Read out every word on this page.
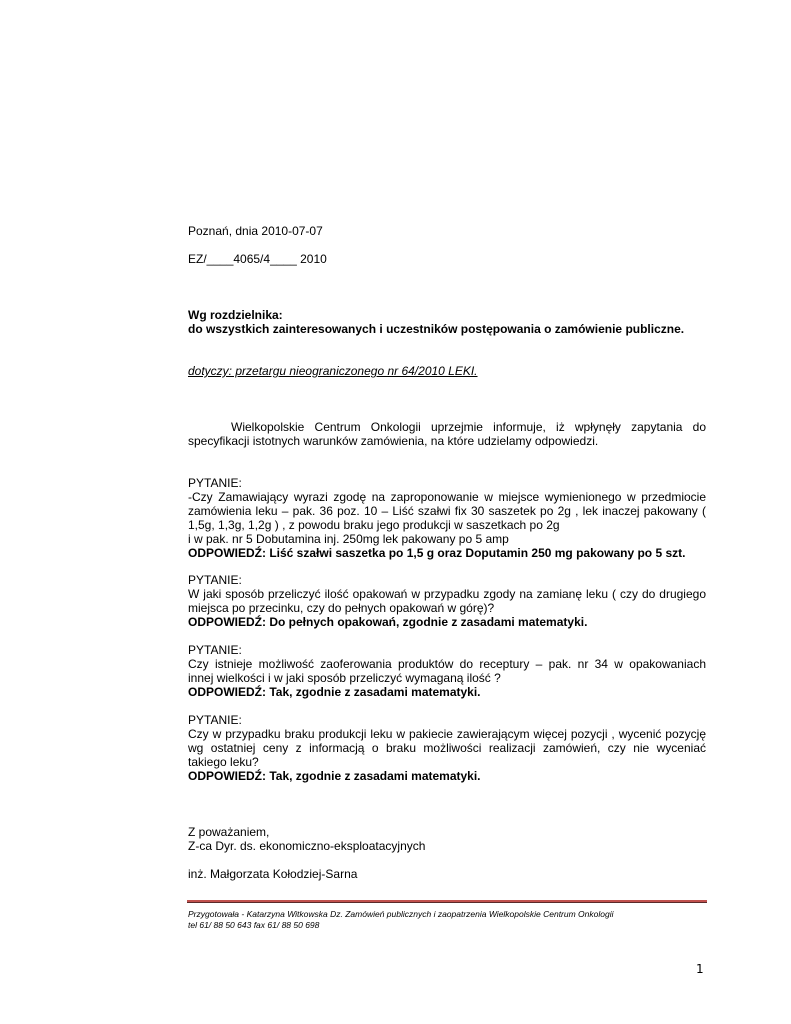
Poznań, dnia 2010-07-07
EZ/____4065/4____ 2010
Wg rozdzielnika:
do wszystkich zainteresowanych i uczestników postępowania o zamówienie publiczne.
dotyczy: przetargu nieograniczonego nr 64/2010 LEKI.
Wielkopolskie Centrum Onkologii uprzejmie informuje, iż wpłynęły zapytania do
specyfikacji istotnych warunków zamówienia, na które udzielamy odpowiedzi.
PYTANIE:
-Czy Zamawiający wyrazi zgodę na zaproponowanie w miejsce wymienionego w przedmiocie
zamówienia leku – pak. 36 poz. 10 – Liść szałwi fix 30 saszetek po 2g , lek inaczej pakowany (
1,5g, 1,3g, 1,2g ) , z powodu braku jego produkcji w saszetkach po 2g
i w pak. nr 5 Dobutamina inj. 250mg lek pakowany po 5 amp
ODPOWIEDŹ: Liść szałwi saszetka po 1,5 g oraz Doputamin 250 mg pakowany po 5 szt.
PYTANIE:
W jaki sposób przeliczyć ilość opakowań w przypadku zgody na zamianę leku ( czy do drugiego
miejsca po przecinku, czy do pełnych opakowań w górę)?
ODPOWIEDŹ: Do pełnych opakowań, zgodnie z zasadami matematyki.
PYTANIE:
Czy istnieje możliwość zaoferowania produktów do receptury – pak. nr 34 w opakowaniach
innej wielkości i w jaki sposób przeliczyć wymaganą ilość ?
ODPOWIEDŹ: Tak, zgodnie z zasadami matematyki.
PYTANIE:
Czy w przypadku braku produkcji leku w pakiecie zawierającym więcej pozycji , wycenić pozycję
wg ostatniej ceny z informacją o braku możliwości realizacji zamówień, czy nie wyceniać
takiego leku?
ODPOWIEDŹ: Tak, zgodnie z zasadami matematyki.
Z poważaniem,
Z-ca Dyr. ds. ekonomiczno-eksploatacyjnych
inż. Małgorzata Kołodziej-Sarna
Przygotowała - Katarzyna Witkowska Dz. Zamówień publicznych i zaopatrzenia Wielkopolskie Centrum Onkologii
tel 61/ 88 50 643 fax 61/ 88 50 698
1
